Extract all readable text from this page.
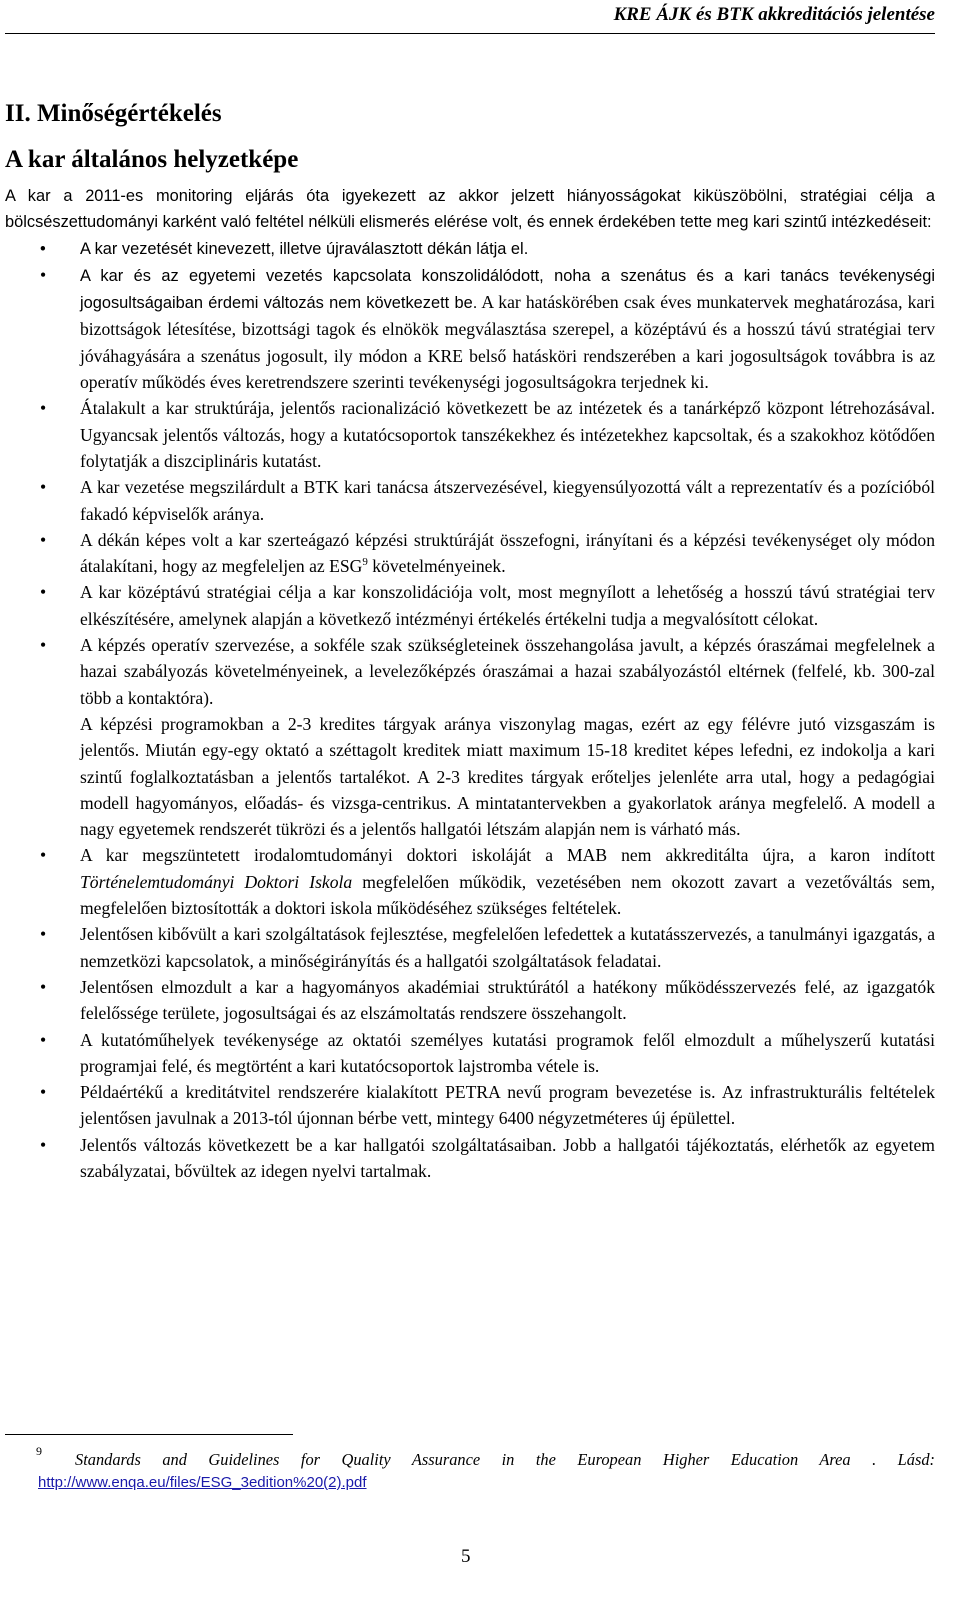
KRE ÁJK és BTK akkreditációs jelentése
II. Minőségértékelés
A kar általános helyzetképe

A kar a 2011-es monitoring eljárás óta igyekezett az akkor jelzett hiányosságokat kiküszöbölni, stratégiai célja a bölcsészettudományi karként való feltétel nélküli elismerés elérése volt, és ennek érdekében tette meg kari szintű intézkedéseit:

• A kar vezetését kinevezett, illetve újraválasztott dékán látja el.
• A kar és az egyetemi vezetés kapcsolata konszolidálódott, noha a szenátus és a kari tanács tevékenységi jogosultságaiban érdemi változás nem következett be. A kar hatáskörében csak éves munkatervek meghatározása, kari bizottságok létesítése, bizottsági tagok és elnökök megválasztása szerepel, a középtávú és a hosszú távú stratégiai terv jóváhagyására a szenátus jogosult, ily módon a KRE belső hatásköri rendszerében a kari jogosultságok továbbra is az operatív működés éves keretrendszere szerinti tevékenységi jogosultságokra terjednek ki.
• Átalakult a kar struktúrája, jelentős racionalizáció következett be az intézetek és a tanárképző központ létrehozásával. Ugyancsak jelentős változás, hogy a kutatócsoportok tanszékekhez és intézetekhez kapcsoltak, és a szakokhoz kötődően folytatják a diszciplináris kutatást.
• A kar vezetése megszilárdult a BTK kari tanácsa átszervezésével, kiegyensúlyozottá vált a reprezentatív és a pozícióból fakadó képviselők aránya.
• A dékán képes volt a kar szerteágazó képzési struktúráját összefogni, irányítani és a képzési tevékenységet oly módon átalakítani, hogy az megfeleljen az ESG$^9$ követelményeinek.
• A kar középtávú stratégiai célja a kar konszolidációja volt, most megnyílott a lehetőség a hosszú távú stratégiai terv elkészítésére, amelynek alapján a következő intézményi értékelés értékelni tudja a megvalósított célokat.
• A képzés operatív szervezése, a sokféle szak szükségleteinek összehangolása javult, a képzés óraszámai megfelelnek a hazai szabályozás követelményeinek, a levelezőképzés óraszámai a hazai szabályozástól eltérnek (felfelé, kb. 300-zal több a kontaktóra).
A képzési programokban a 2-3 kredites tárgyak aránya viszonylag magas, ezért az egy félévre jutó vizsgaszám is jelentős. Miután egy-egy oktató a széttagolt kreditek miatt maximum 15-18 kreditet képes lefedni, ez indokolja a kari szintű foglalkoztatásban a jelentős tartalékot. A 2-3 kredites tárgyak erőteljes jelenléte arra utal, hogy a pedagógiai modell hagyományos, előadás- és vizsga-centrikus. A mintatantervekben a gyakorlatok aránya megfelelő. A modell a nagy egyetemek rendszerét tükrözi és a jelentős hallgatói létszám alapján nem is várható más.
• A kar megszüntetett irodalomtudományi doktori iskoláját a MAB nem akkreditálta újra, a karon indított Történelemtudományi Doktori Iskola megfelelően működik, vezetésében nem okozott zavart a vezetőváltás sem, megfelelően biztosították a doktori iskola működéséhez szükséges feltételek.
• Jelentősen kibővült a kari szolgáltatások fejlesztése, megfelelően lefedettek a kutatásszervezés, a tanulmányi igazgatás, a nemzetközi kapcsolatok, a minőségirányítás és a hallgatói szolgáltatások feladatai.
• Jelentősen elmozdult a kar a hagyományos akadémiai struktúrától a hatékony működésszervezés felé, az igazgatók felelőssége területe, jogosultságai és az elszámoltatás rendszere összehangolt.
• A kutatóműhelyek tevékenysége az oktatói személyes kutatási programok felől elmozdult a műhelyszerű kutatási programjai felé, és megtörtént a kari kutatócsoportok lajstromba vétele is.
• Példaértékű a kreditátvitel rendszerére kialakított PETRA nevű program bevezetése is. Az infrastrukturális feltételek jelentősen javulnak a 2013-tól újonnan bérbe vett, mintegy 6400 négyzetméteres új épülettel.
• Jelentős változás következett be a kar hallgatói szolgáltatásaiban. Jobb a hallgatói tájékoztatás, elérhetők az egyetem szabályzatai, bővültek az idegen nyelvi tartalmak.
9 Standards and Guidelines for Quality Assurance in the European Higher Education Area . Lásd:
http://www.enqa.eu/files/ESG_3edition%20(2).pdf
5
